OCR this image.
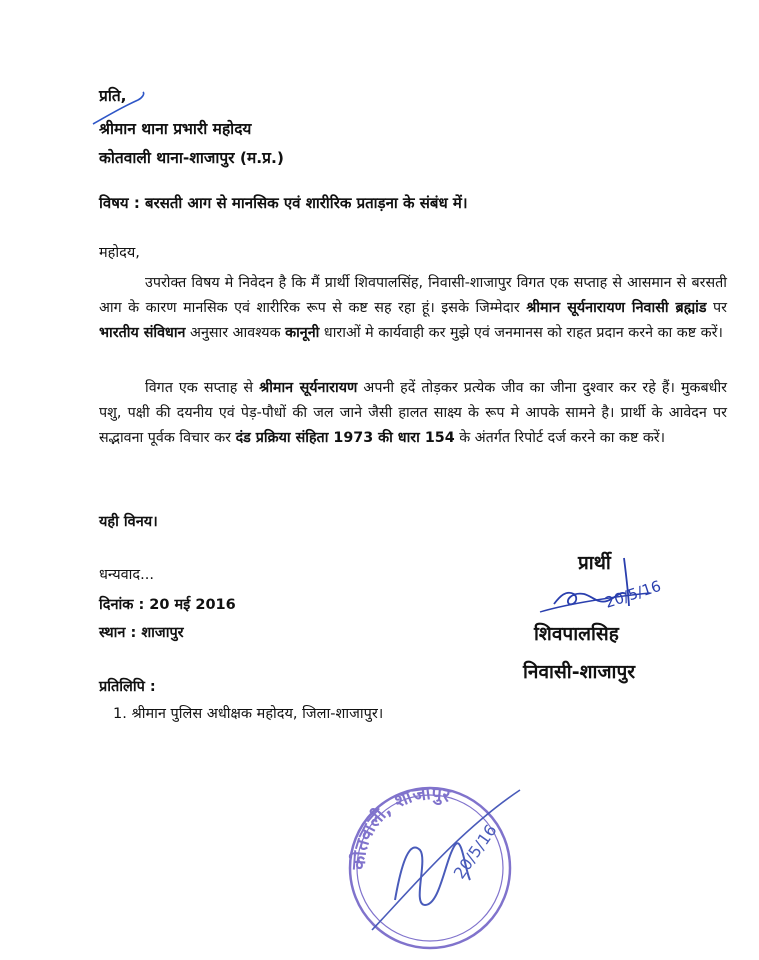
प्रति,
श्रीमान थाना प्रभारी महोदय
कोतवाली थाना-शाजापुर (म.प्र.)
विषय : बरसती आग से मानसिक एवं शारीरिक प्रताड़ना के संबंध में।
महोदय,
उपरोक्त विषय मे निवेदन है कि मैं प्रार्थी शिवपालसिंह, निवासी-शाजापुर विगत एक सप्ताह से आसमान से बरसती आग के कारण मानसिक एवं शारीरिक रूप से कष्ट सह रहा हूं। इसके जिम्मेदार श्रीमान सूर्यनारायण निवासी ब्रह्मांड पर भारतीय संविधान अनुसार आवश्यक कानूनी धाराओं मे कार्यवाही कर मुझे एवं जनमानस को राहत प्रदान करने का कष्ट करें।
विगत एक सप्ताह से श्रीमान सूर्यनारायण अपनी हदें तोड़कर प्रत्येक जीव का जीना दुश्वार कर रहे हैं। मुकबधीर पशु, पक्षी की दयनीय एवं पेड़-पौधों की जल जाने जैसी हालत साक्ष्य के रूप मे आपके सामने है। प्रार्थी के आवेदन पर सद्भावना पूर्वक विचार कर दंड प्रक्रिया संहिता 1973 की धारा 154 के अंतर्गत रिपोर्ट दर्ज करने का कष्ट करें।
यही विनय।
धन्यवाद...
दिनांक : 20 मई 2016
स्थान : शाजापुर
प्रतिलिपि :
1. श्रीमान पुलिस अधीक्षक महोदय, जिला-शाजापुर।
प्रार्थी
शिवपालसिह
निवासी-शाजापुर
20/5/16
कोतवाली, शाजापुर
20/5/16
